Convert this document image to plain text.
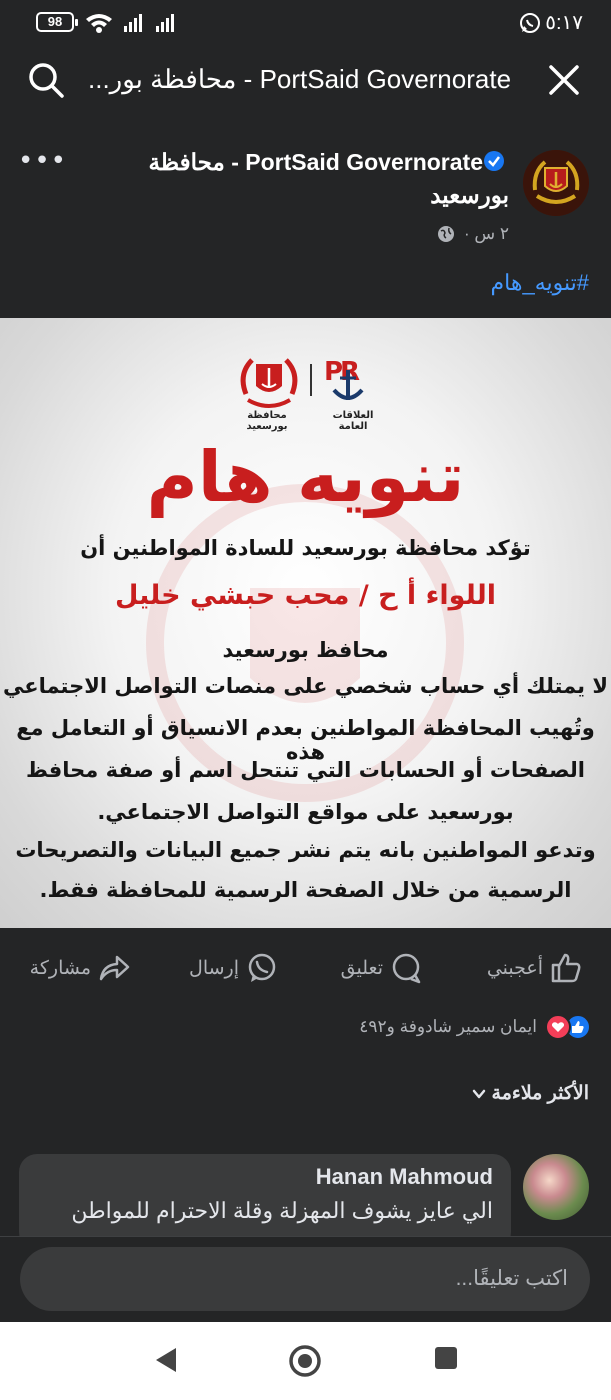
98	٥:١٧
PortSaid Governorate - محافظة بور...
•••	PortSaid Governorate - محافظة
بورسعيد
٢ س ·
#تنويه_هام
P
R
العلاقات العامة
محافظة بورسعيد
تنويه هام
تؤكد محافظة بورسعيد للسادة المواطنين أن
اللواء أ ح / محب حبشي خليل
محافظ بورسعيد
لا يمتلك أي حساب شخصي على منصات التواصل الاجتماعي
وتُهيب المحافظة المواطنين بعدم الانسياق أو التعامل مع هذه
الصفحات أو الحسابات التي تنتحل اسم أو صفة محافظ
بورسعيد على مواقع التواصل الاجتماعي.
وتدعو المواطنين بانه يتم نشر جميع البيانات والتصريحات
الرسمية من خلال الصفحة الرسمية للمحافظة فقط.
أعجبني
تعليق
إرسال
مشاركة
ايمان سمير شادوفة و٤٩٢
الأكثر ملاءمة
Hanan Mahmoud
الي عايز يشوف المهزلة وقلة الاحترام للمواطن
اكتب تعليقًا...
